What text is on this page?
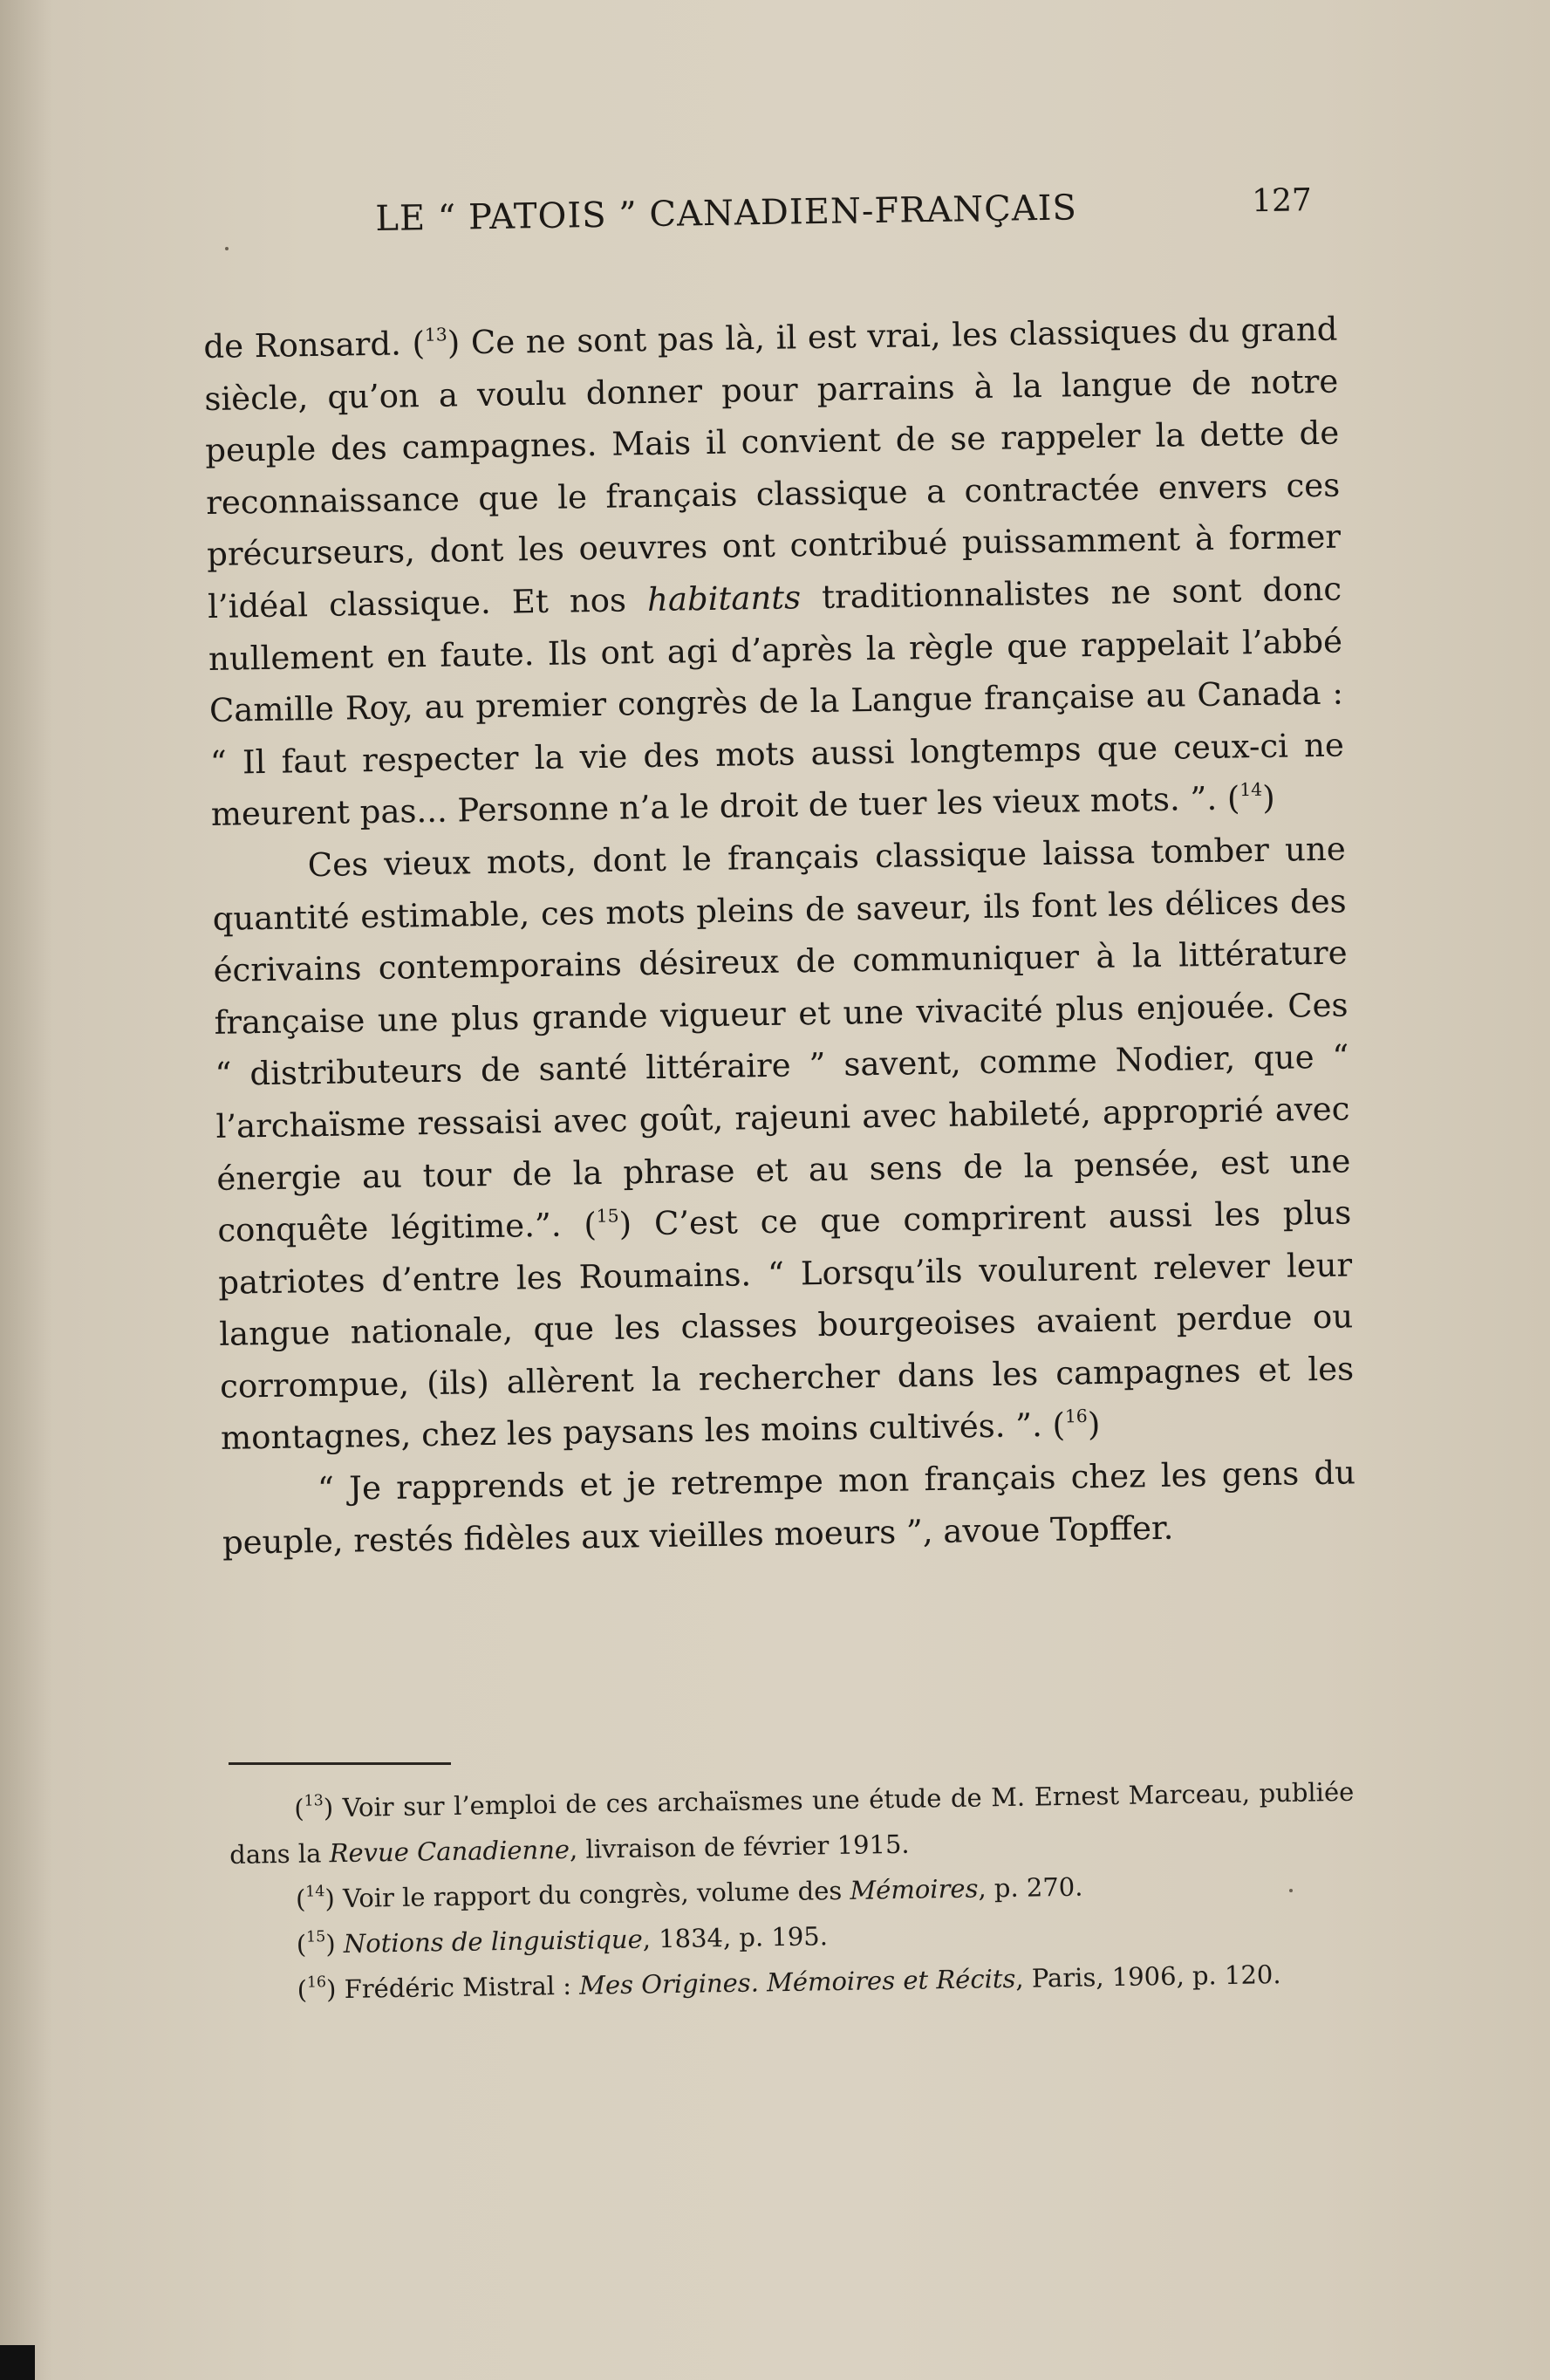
LE “ PATOIS ” CANADIEN-FRANÇAIS	127

de Ronsard. ($^{13}$) Ce ne sont pas là, il est vrai, les classiques du grand siècle, qu’on a voulu donner pour parrains à la langue de notre peuple des campagnes. Mais il convient de se rappeler la dette de reconnaissance que le français classique a contractée envers ces précurseurs, dont les oeuvres ont contribué puissamment à former l’idéal classique. Et nos habitants traditionnalistes ne sont donc nullement en faute. Ils ont agi d’après la règle que rappelait l’abbé Camille Roy, au premier congrès de la Langue française au Canada : “ Il faut respecter la vie des mots aussi longtemps que ceux-ci ne meurent pas... Personne n’a le droit de tuer les vieux mots. ”. ($^{14}$)

Ces vieux mots, dont le français classique laissa tomber une quantité estimable, ces mots pleins de saveur, ils font les délices des écrivains contemporains désireux de communiquer à la littérature française une plus grande vigueur et une vivacité plus enjouée. Ces “ distributeurs de santé littéraire ” savent, comme Nodier, que “ l’archaïsme ressaisi avec goût, rajeuni avec habileté, approprié avec énergie au tour de la phrase et au sens de la pensée, est une conquête légitime.”. ($^{15}$) C’est ce que comprirent aussi les plus patriotes d’entre les Roumains. “ Lorsqu’ils voulurent relever leur langue nationale, que les classes bourgeoises avaient perdue ou corrompue, (ils) allèrent la rechercher dans les campagnes et les montagnes, chez les paysans les moins cultivés. ”. ($^{16}$)

“ Je rapprends et je retrempe mon français chez les gens du peuple, restés fidèles aux vieilles moeurs ”, avoue Topffer.

($^{13}$) Voir sur l’emploi de ces archaïsmes une étude de M. Ernest Marceau, publiée dans la Revue Canadienne, livraison de février 1915.

($^{14}$) Voir le rapport du congrès, volume des Mémoires, p. 270.

($^{15}$) Notions de linguistique, 1834, p. 195.

($^{16}$) Frédéric Mistral : Mes Origines. Mémoires et Récits, Paris, 1906, p. 120.
